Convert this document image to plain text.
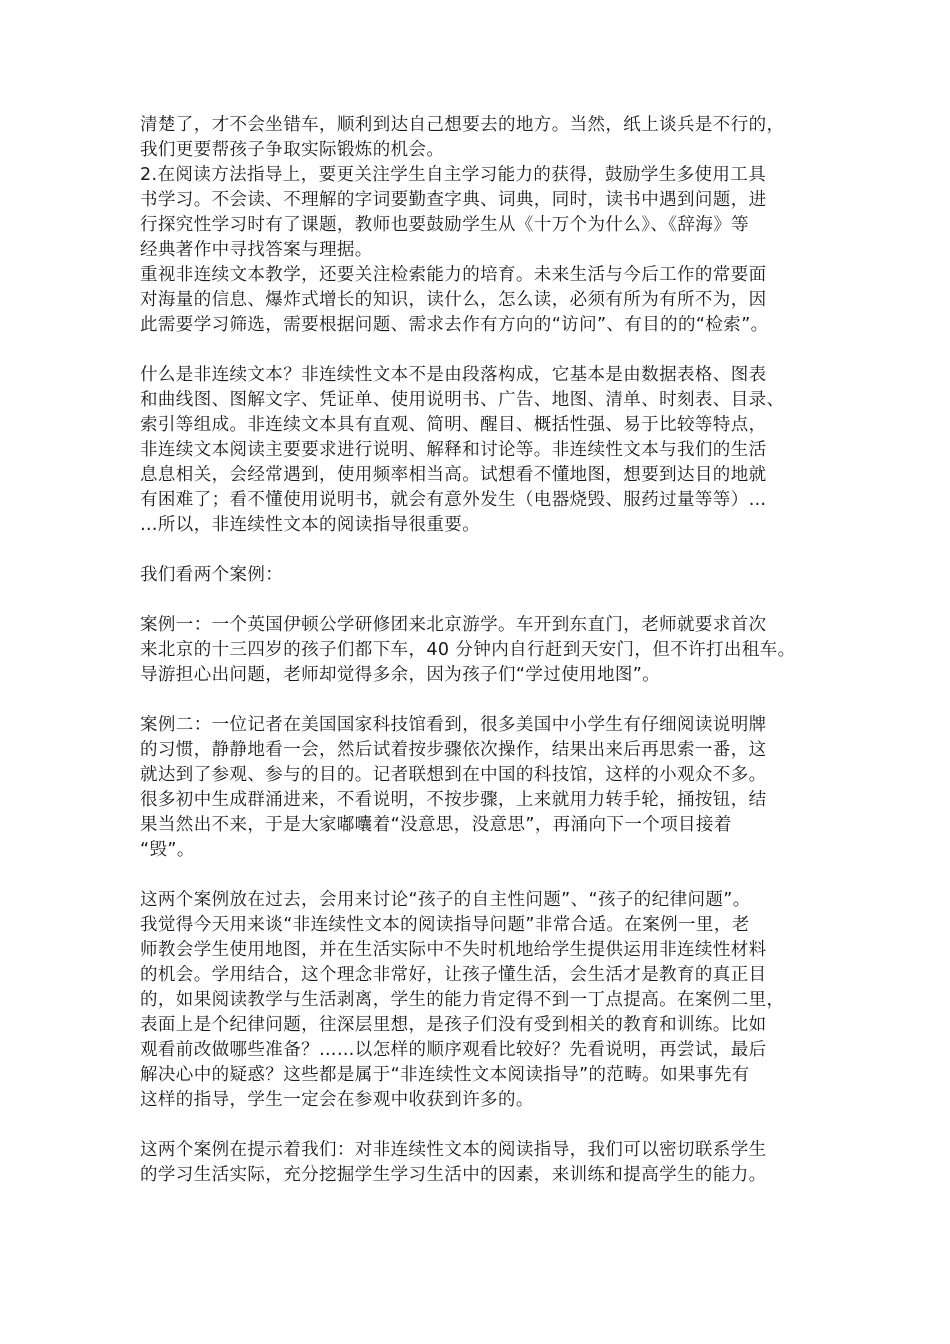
清楚了，才不会坐错车，顺利到达自己想要去的地方。当然，纸上谈兵是不行的，
我们更要帮孩子争取实际锻炼的机会。
2.在阅读方法指导上，要更关注学生自主学习能力的获得，鼓励学生多使用工具
书学习。不会读、不理解的字词要勤查字典、词典，同时，读书中遇到问题，进
行探究性学习时有了课题，教师也要鼓励学生从《十万个为什么》、《辞海》等
经典著作中寻找答案与理据。
重视非连续文本教学，还要关注检索能力的培育。未来生活与今后工作的常要面
对海量的信息、爆炸式增长的知识，读什么，怎么读，必须有所为有所不为，因
此需要学习筛选，需要根据问题、需求去作有方向的“访问”、有目的的“检索”。
什么是非连续文本？非连续性文本不是由段落构成，它基本是由数据表格、图表
和曲线图、图解文字、凭证单、使用说明书、广告、地图、清单、时刻表、目录、
索引等组成。非连续文本具有直观、简明、醒目、概括性强、易于比较等特点，
非连续文本阅读主要要求进行说明、解释和讨论等。非连续性文本与我们的生活
息息相关，会经常遇到，使用频率相当高。试想看不懂地图，想要到达目的地就
有困难了；看不懂使用说明书，就会有意外发生（电器烧毁、服药过量等等）…
…所以，非连续性文本的阅读指导很重要。
我们看两个案例：
案例一：一个英国伊顿公学研修团来北京游学。车开到东直门，老师就要求首次
来北京的十三四岁的孩子们都下车，40 分钟内自行赶到天安门，但不许打出租车。
导游担心出问题，老师却觉得多余，因为孩子们“学过使用地图”。
案例二：一位记者在美国国家科技馆看到，很多美国中小学生有仔细阅读说明牌
的习惯，静静地看一会，然后试着按步骤依次操作，结果出来后再思索一番，这
就达到了参观、参与的目的。记者联想到在中国的科技馆，这样的小观众不多。
很多初中生成群涌进来，不看说明，不按步骤，上来就用力转手轮，捅按钮，结
果当然出不来，于是大家嘟囔着“没意思，没意思”，再涌向下一个项目接着
“毁”。
这两个案例放在过去，会用来讨论“孩子的自主性问题”、“孩子的纪律问题”。
我觉得今天用来谈“非连续性文本的阅读指导问题”非常合适。在案例一里，老
师教会学生使用地图，并在生活实际中不失时机地给学生提供运用非连续性材料
的机会。学用结合，这个理念非常好，让孩子懂生活，会生活才是教育的真正目
的，如果阅读教学与生活剥离，学生的能力肯定得不到一丁点提高。在案例二里，
表面上是个纪律问题，往深层里想，是孩子们没有受到相关的教育和训练。比如
观看前改做哪些准备？……以怎样的顺序观看比较好？先看说明，再尝试，最后
解决心中的疑惑？这些都是属于“非连续性文本阅读指导”的范畴。如果事先有
这样的指导，学生一定会在参观中收获到许多的。
这两个案例在提示着我们：对非连续性文本的阅读指导，我们可以密切联系学生
的学习生活实际，充分挖掘学生学习生活中的因素，来训练和提高学生的能力。
